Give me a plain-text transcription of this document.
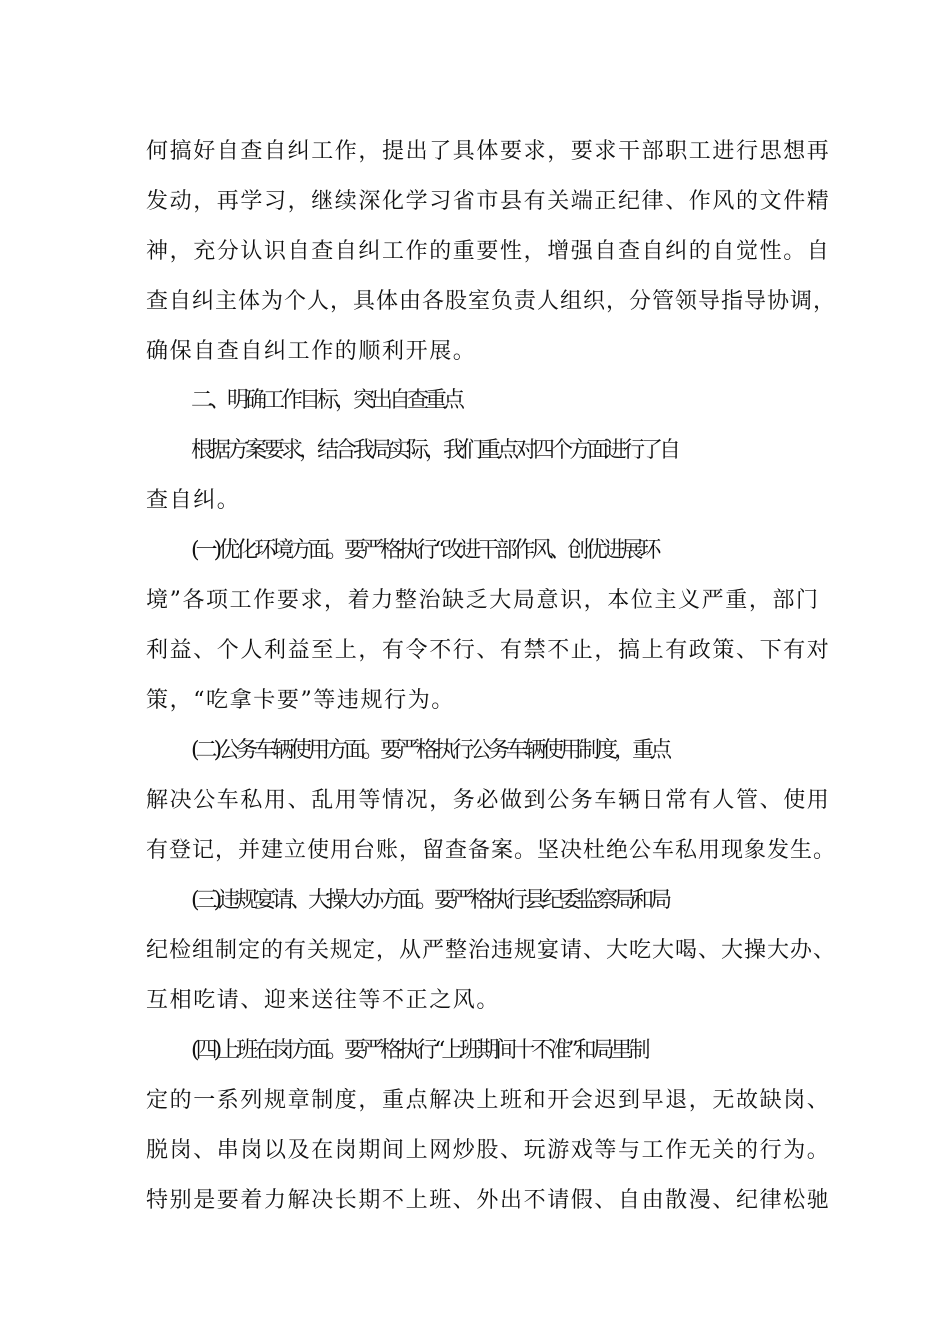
何搞好自查自纠工作，提出了具体要求，要求干部职工进行思想再
发动，再学习，继续深化学习省市县有关端正纪律、作风的文件精
神，充分认识自查自纠工作的重要性，增强自查自纠的自觉性。自
查自纠主体为个人，具体由各股室负责人组织，分管领导指导协调，
确保自查自纠工作的顺利开展。
二、明确工作目标，突出自查重点
根据方案要求，结合我局实际，我们重点对四个方面进行了自
查自纠。
(一)优化环境方面。要严格执行“改进干部作风、创优进展环
境”各项工作要求，着力整治缺乏大局意识，本位主义严重，部门
利益、个人利益至上，有令不行、有禁不止，搞上有政策、下有对
策，“吃拿卡要”等违规行为。
(二)公务车辆使用方面。要严格执行公务车辆使用制度，重点
解决公车私用、乱用等情况，务必做到公务车辆日常有人管、使用
有登记，并建立使用台账，留查备案。坚决杜绝公车私用现象发生。
(三)违规宴请、大操大办方面。要严格执行县纪委监察局和局
纪检组制定的有关规定，从严整治违规宴请、大吃大喝、大操大办、
互相吃请、迎来送往等不正之风。
(四)上班在岗方面。要严格执行“上班期间十不准”和局里制
定的一系列规章制度，重点解决上班和开会迟到早退，无故缺岗、
脱岗、串岗以及在岗期间上网炒股、玩游戏等与工作无关的行为。
特别是要着力解决长期不上班、外出不请假、自由散漫、纪律松驰
